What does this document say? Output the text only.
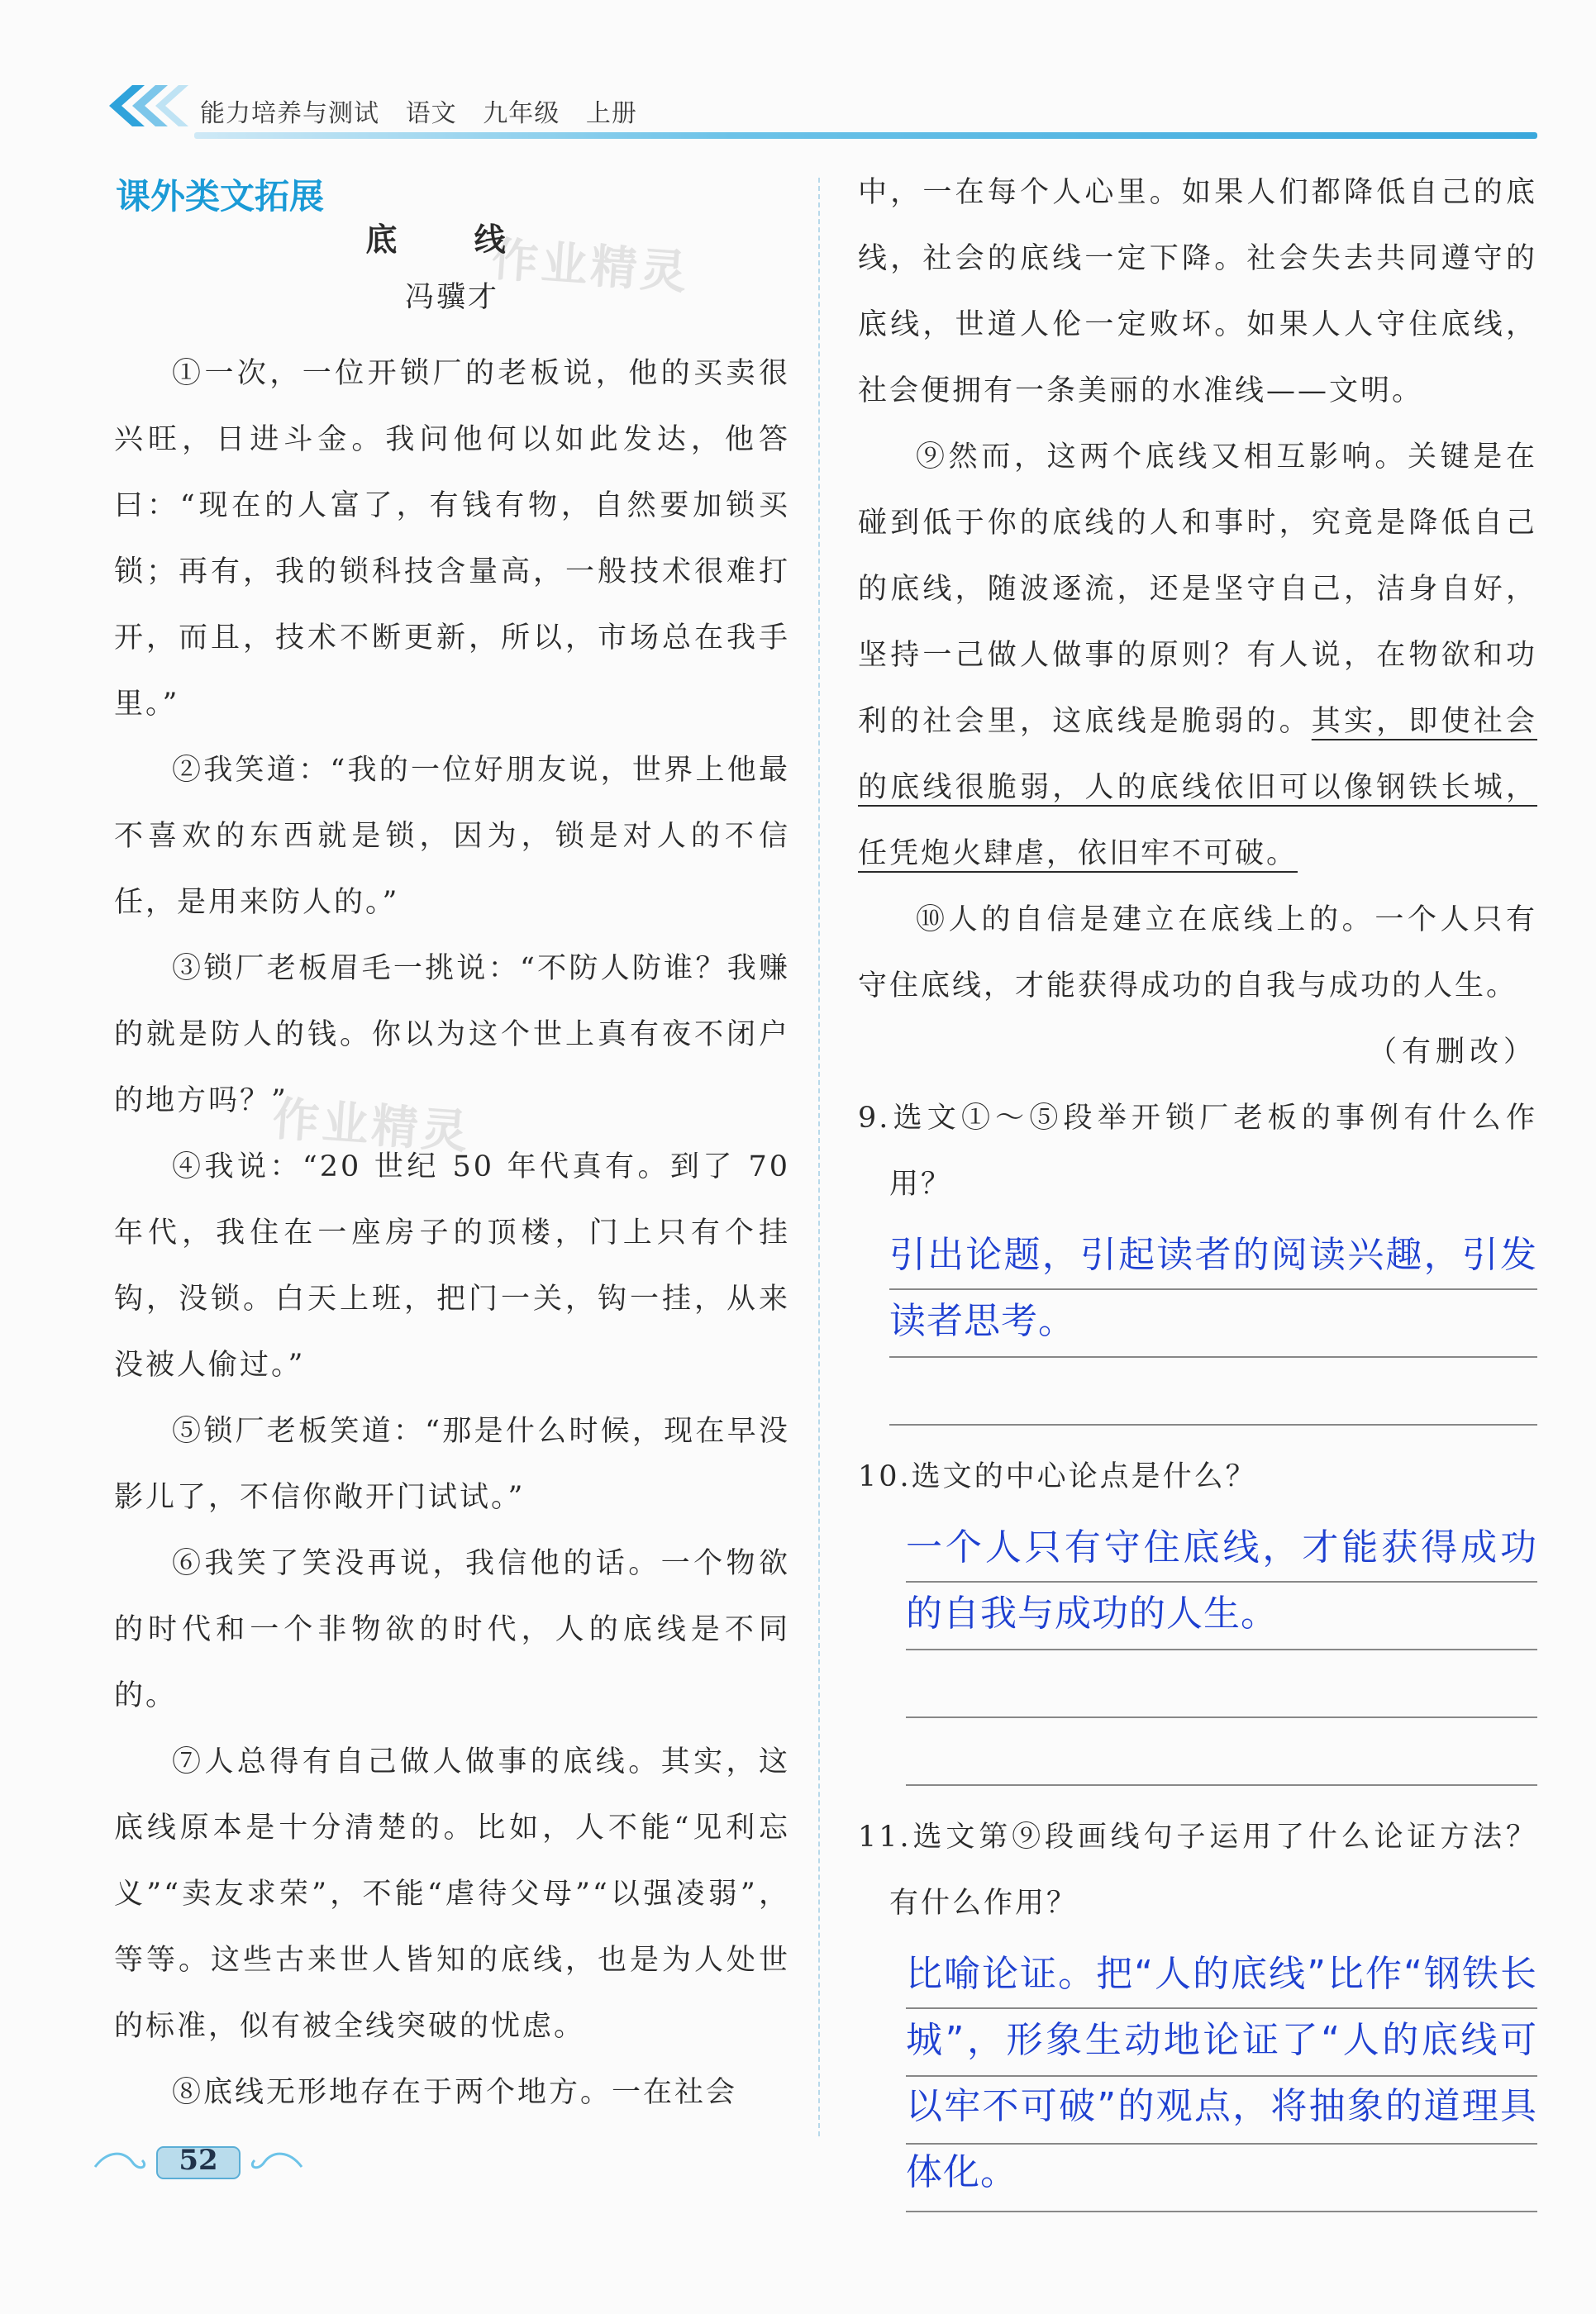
能力培养与测试   语文   九年级   上册
课外类文拓展
作业精灵
作业精灵
底 线
冯骥才

①一次，一位开锁厂的老板说，他的买卖很兴旺，日进斗金。我问他何以如此发达，他答曰：“现在的人富了，有钱有物，自然要加锁买锁；再有，我的锁科技含量高，一般技术很难打开，而且，技术不断更新，所以，市场总在我手里。”

②我笑道：“我的一位好朋友说，世界上他最不喜欢的东西就是锁，因为，锁是对人的不信任，是用来防人的。”

③锁厂老板眉毛一挑说：“不防人防谁？我赚的就是防人的钱。你以为这个世上真有夜不闭户的地方吗？”

④我说：“20 世纪 50 年代真有。到了 70 年代，我住在一座房子的顶楼，门上只有个挂钩，没锁。白天上班，把门一关，钩一挂，从来没被人偷过。”

⑤锁厂老板笑道：“那是什么时候，现在早没影儿了，不信你敞开门试试。”

⑥我笑了笑没再说，我信他的话。一个物欲的时代和一个非物欲的时代，人的底线是不同的。

⑦人总得有自己做人做事的底线。其实，这底线原本是十分清楚的。比如，人不能“见利忘义”“卖友求荣”，不能“虐待父母”“以强凌弱”，等等。这些古来世人皆知的底线，也是为人处世的标准，似有被全线突破的忧虑。

⑧底线无形地存在于两个地方。一在社会

中，一在每个人心里。如果人们都降低自己的底线，社会的底线一定下降。社会失去共同遵守的底线，世道人伦一定败坏。如果人人守住底线，社会便拥有一条美丽的水准线——文明。

⑨然而，这两个底线又相互影响。关键是在碰到低于你的底线的人和事时，究竟是降低自己的底线，随波逐流，还是坚守自己，洁身自好，坚持一己做人做事的原则？有人说，在物欲和功利的社会里，这底线是脆弱的。其实，即使社会的底线很脆弱，人的底线依旧可以像钢铁长城，任凭炮火肆虐，依旧牢不可破。

⑩人的自信是建立在底线上的。一个人只有守住底线，才能获得成功的自我与成功的人生。

（有删改）

9.选文①～⑤段举开锁厂老板的事例有什么作用？

引出论题，引起读者的阅读兴趣，引发读者思考。

10.选文的中心论点是什么？

一个人只有守住底线，才能获得成功的自我与成功的人生。

11.选文第⑨段画线句子运用了什么论证方法？有什么作用？

比喻论证。把“人的底线”比作“钢铁长城”，形象生动地论证了“人的底线可以牢不可破”的观点，将抽象的道理具体化。
52
